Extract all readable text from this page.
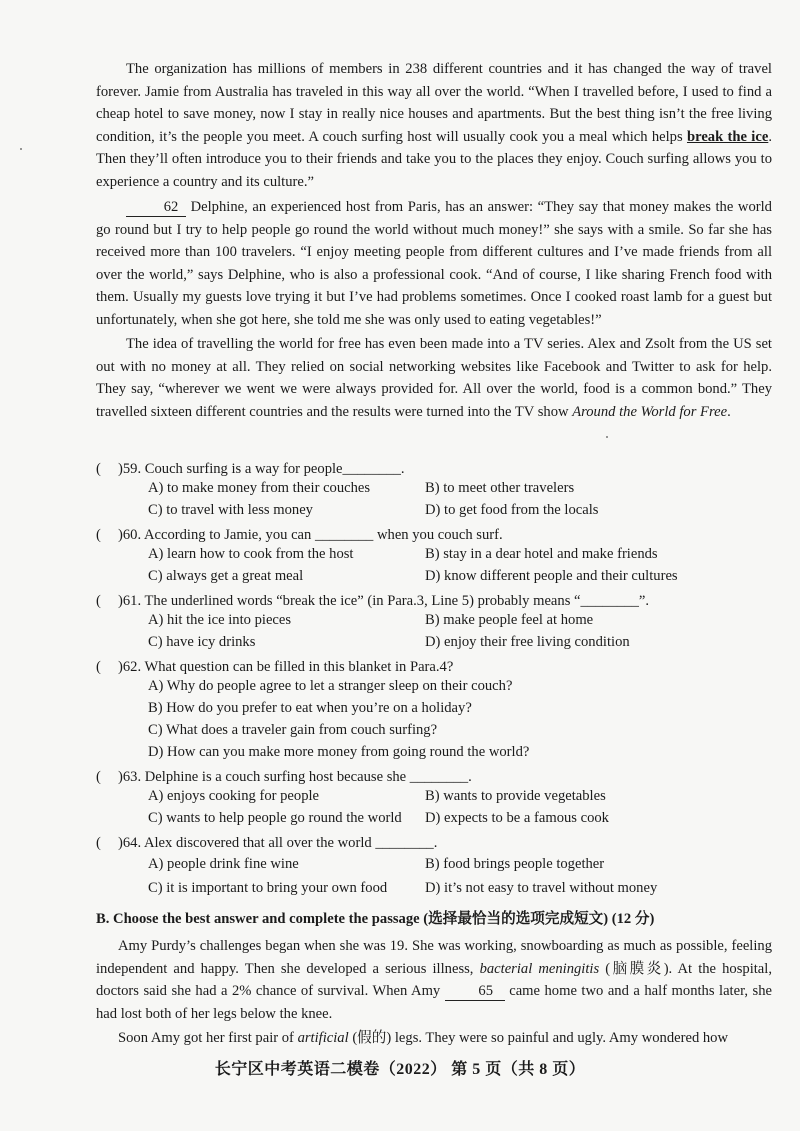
The organization has millions of members in 238 different countries and it has changed the way of travel forever. Jamie from Australia has traveled in this way all over the world. “When I travelled before, I used to find a cheap hotel to save money, now I stay in really nice houses and apartments. But the best thing isn’t the free living condition, it’s the people you meet. A couch surfing host will usually cook you a meal which helps break the ice. Then they’ll often introduce you to their friends and take you to the places they enjoy. Couch surfing allows you to experience a country and its culture.”

62 Delphine, an experienced host from Paris, has an answer: “They say that money makes the world go round but I try to help people go round the world without much money!” she says with a smile. So far she has received more than 100 travelers. “I enjoy meeting people from different cultures and I’ve made friends from all over the world,” says Delphine, who is also a professional cook. “And of course, I like sharing French food with them. Usually my guests love trying it but I’ve had problems sometimes. Once I cooked roast lamb for a guest but unfortunately, when she got here, she told me she was only used to eating vegetables!”

The idea of travelling the world for free has even been made into a TV series. Alex and Zsolt from the US set out with no money at all. They relied on social networking websites like Facebook and Twitter to ask for help. They say, “wherever we went we were always provided for. All over the world, food is a common bond.” They travelled sixteen different countries and the results were turned into the TV show Around the World for Free.

( )59. Couch surfing is a way for people________.
A) to make money from their couches	B) to meet other travelers
C) to travel with less money	D) to get food from the locals
( )60. According to Jamie, you can ________ when you couch surf.
A) learn how to cook from the host	B) stay in a dear hotel and make friends
C) always get a great meal	D) know different people and their cultures
( )61. The underlined words “break the ice” (in Para.3, Line 5) probably means “________”.
A) hit the ice into pieces	B) make people feel at home
C) have icy drinks	D) enjoy their free living condition
( )62. What question can be filled in this blanket in Para.4?
A) Why do people agree to let a stranger sleep on their couch?
B) How do you prefer to eat when you’re on a holiday?
C) What does a traveler gain from couch surfing?
D) How can you make more money from going round the world?
( )63. Delphine is a couch surfing host because she ________.
A) enjoys cooking for people	B) wants to provide vegetables
C) wants to help people go round the world D) expects to be a famous cook
( )64. Alex discovered that all over the world ________.
A) people drink fine wine	B) food brings people together
C) it is important to bring your own food	D) it’s not easy to travel without money
B. Choose the best answer and complete the passage (选择最恰当的选项完成短文) (12 分)

Amy Purdy’s challenges began when she was 19. She was working, snowboarding as much as possible, feeling independent and happy. Then she developed a serious illness, bacterial meningitis (脑膜炎). At the hospital, doctors said she had a 2% chance of survival. When Amy	65 came home two and a half months later, she had lost both of her legs below the knee.

Soon Amy got her first pair of artificial (假的) legs. They were so painful and ugly. Amy wondered how

长宁区中考英语二模卷（2022） 第 5 页（共 8 页）
